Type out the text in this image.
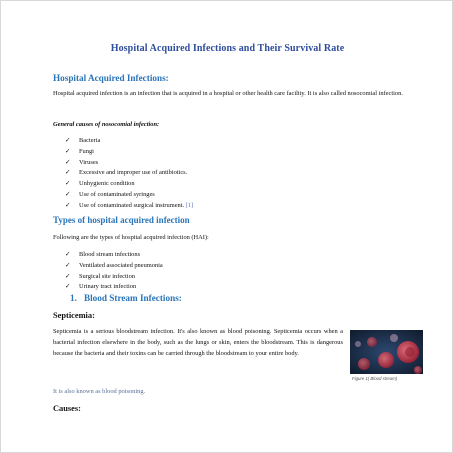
Hospital Acquired Infections and Their Survival Rate
Hospital Acquired Infections:

Hospital acquired infection is an infection that is acquired in a hospital or other health care facility. It is also called nosocomial infection.

General causes of nosocomial infection:
✓ Bacteria
✓ Fungi
✓ Viruses
✓ Excessive and improper use of antibiotics.
✓ Unhygienic condition
✓ Use of contaminated syringes
✓ Use of contaminated surgical instrument. [1]
Types of hospital acquired infection

Following are the types of hospital acquired infection (HAI):

✓ Blood stream infections
✓ Ventilated associated pneumonia
✓ Surgical site infection
✓ Urinary tract infection
1. Blood Stream Infections:
Septicemia:

Septicemia is a serious bloodstream infection. It's also known as blood poisoning. Septicemia occurs when a bacterial infection elsewhere in the body, such as the lungs or skin, enters the bloodstream. This is dangerous because the bacteria and their toxins can be carried through the bloodstream to your entire body.

Figure 1( Blood stream)
It is also known as blood poisoning.
Causes:
